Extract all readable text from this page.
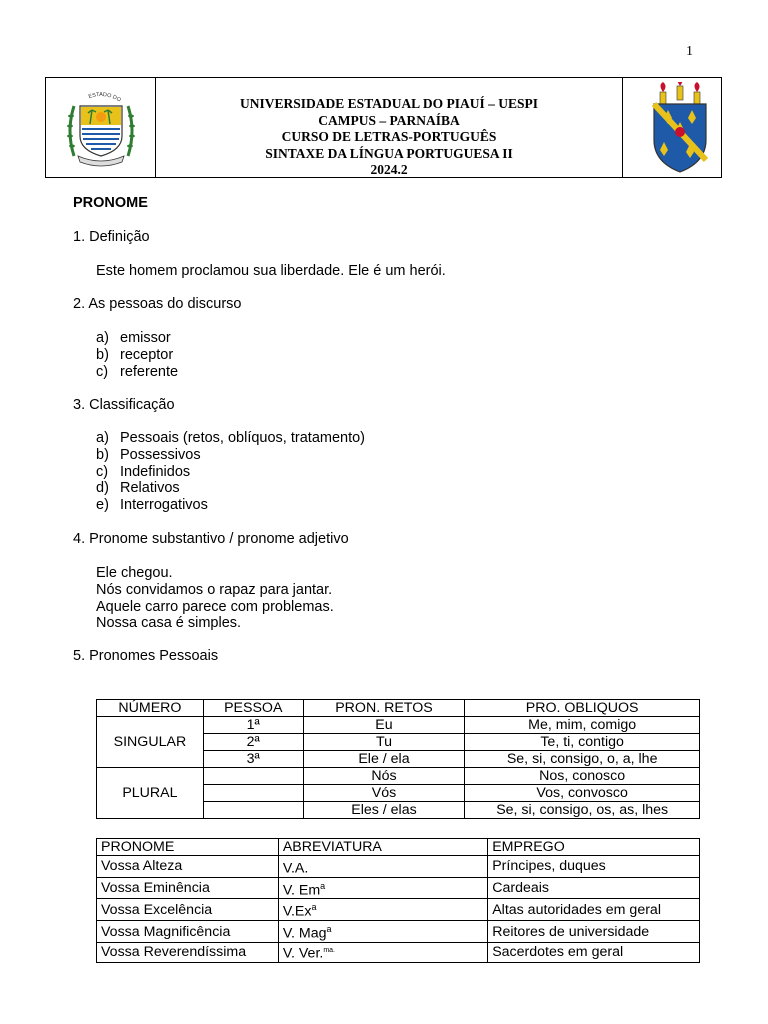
1
ESTADO DO	UNIVERSIDADE ESTADUAL DO PIAUÍ – UESPI
CAMPUS – PARNAÍBA
CURSO DE LETRAS-PORTUGUÊS
SINTAXE DA LÍNGUA PORTUGUESA II
2024.2
PRONOME
1. Definição
Este homem proclamou sua liberdade. Ele é um herói.
2. As pessoas do discurso
a) emissor
b) receptor
c) referente
3. Classificação
a) Pessoais (retos, oblíquos, tratamento)
b) Possessivos
c) Indefinidos
d) Relativos
e) Interrogativos
4. Pronome substantivo / pronome adjetivo
Ele chegou.
Nós convidamos o rapaz para jantar.
Aquele carro parece com problemas.
Nossa casa é simples.
5. Pronomes Pessoais
NÚMERO	PESSOA	PRON. RETOS	PRO. OBLIQUOS
SINGULAR	1ª	Eu	Me, mim, comigo
	2ª	Tu	Te, ti, contigo
	3ª	Ele / ela	Se, si, consigo, o, a, lhe
PLURAL		Nós	Nos, conosco
		Vós	Vos, convosco
		Eles / elas	Se, si, consigo, os, as, lhes
PRONOME	ABREVIATURA	EMPREGO
Vossa Alteza	V.A.	Príncipes, duques
Vossa Eminência	V. Em$^a$	Cardeais
Vossa Excelência	V.Ex$^a$	Altas autoridades em geral
Vossa Magnificência	V. Mag$^a$	Reitores de universidade
Vossa Reverendíssima	V. Ver.$^{ma.}$	Sacerdotes em geral
